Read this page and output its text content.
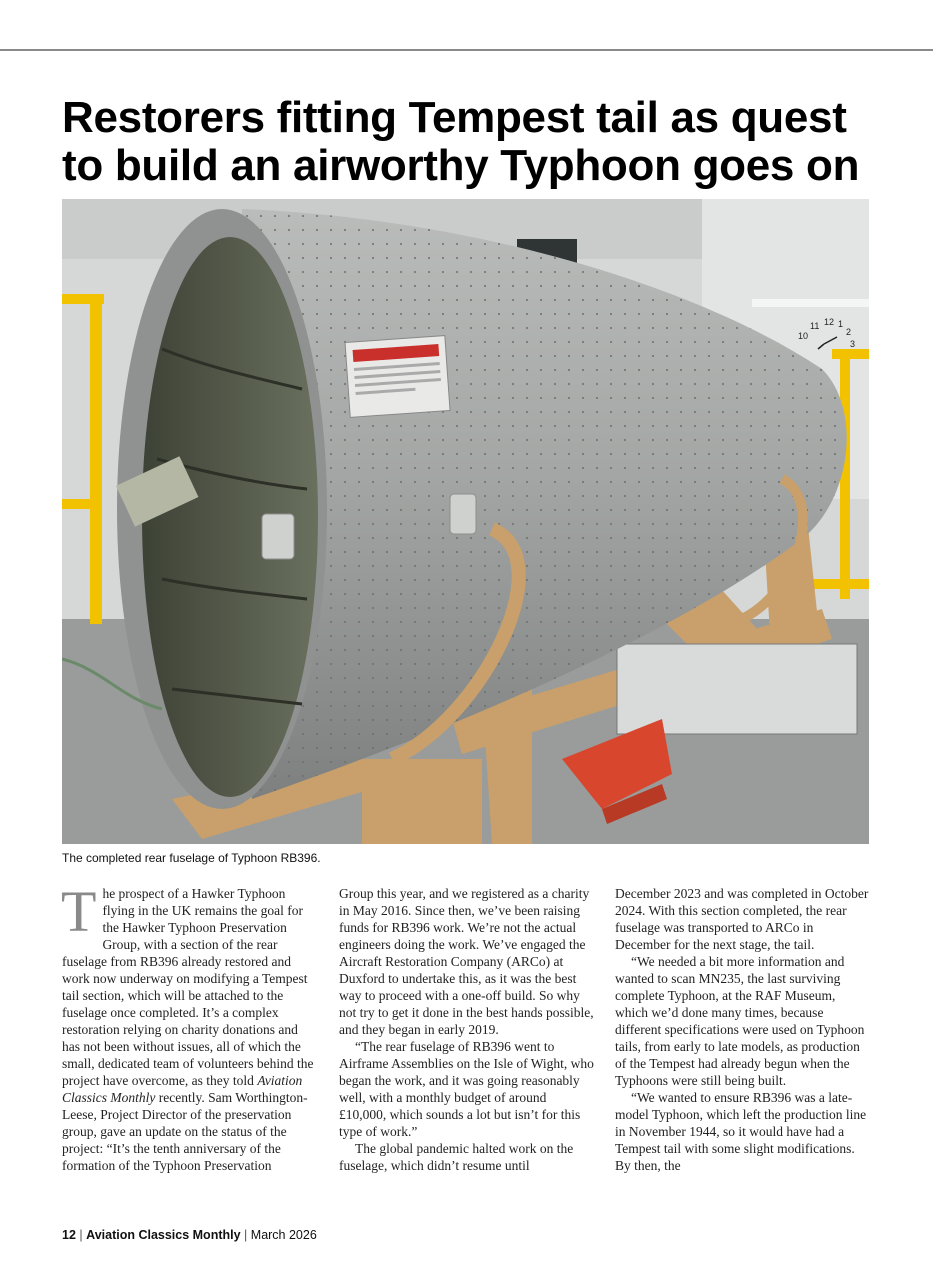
Restorers fitting Tempest tail as quest to build an airworthy Typhoon goes on
10
11 12 1
2
3

The completed rear fuselage of Typhoon RB396.

The prospect of a Hawker Typhoon flying in the UK remains the goal for the Hawker Typhoon Preservation Group, with a section of the rear fuselage from RB396 already restored and work now underway on modifying a Tempest tail section, which will be attached to the fuselage once completed. It’s a complex restoration relying on charity donations and has not been without issues, all of which the small, dedicated team of volunteers behind the project have overcome, as they told Aviation Classics Monthly recently. Sam Worthington-Leese, Project Director of the preservation group, gave an update on the status of the project: “It’s the tenth anniversary of the formation of the Typhoon Preservation

Group this year, and we registered as a charity in May 2016. Since then, we’ve been raising funds for RB396 work. We’re not the actual engineers doing the work. We’ve engaged the Aircraft Restoration Company (ARCo) at Duxford to undertake this, as it was the best way to proceed with a one-off build. So why not try to get it done in the best hands possible, and they began in early 2019.

“The rear fuselage of RB396 went to Airframe Assemblies on the Isle of Wight, who began the work, and it was going reasonably well, with a monthly budget of around £10,000, which sounds a lot but isn’t for this type of work.”

The global pandemic halted work on the fuselage, which didn’t resume until

December 2023 and was completed in October 2024. With this section completed, the rear fuselage was transported to ARCo in December for the next stage, the tail.

“We needed a bit more information and wanted to scan MN235, the last surviving complete Typhoon, at the RAF Museum, which we’d done many times, because different specifications were used on Typhoon tails, from early to late models, as production of the Tempest had already begun when the Typhoons were still being built.

“We wanted to ensure RB396 was a late-model Typhoon, which left the production line in November 1944, so it would have had a Tempest tail with some slight modifications. By then, the

12 | Aviation Classics Monthly | March 2026
